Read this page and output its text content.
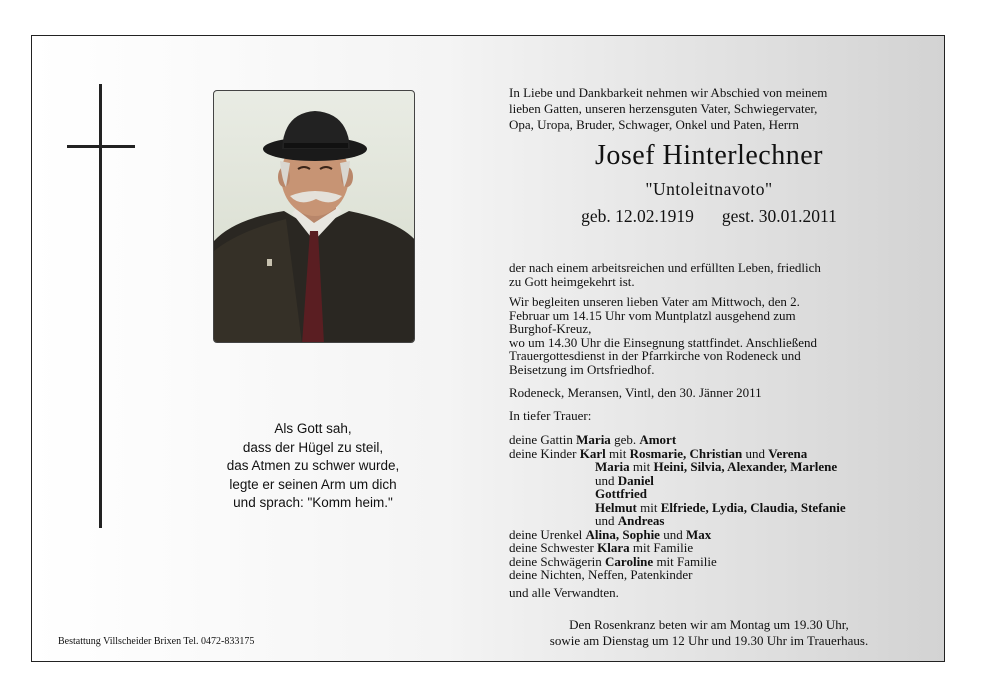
Als Gott sah,
dass der Hügel zu steil,
das Atmen zu schwer wurde,
legte er seinen Arm um dich
und sprach: "Komm heim."
Bestattung Villscheider Brixen Tel. 0472-833175
In Liebe und Dankbarkeit nehmen wir Abschied von meinem
lieben Gatten, unseren herzensguten Vater, Schwiegervater,
Opa, Uropa, Bruder, Schwager, Onkel und Paten, Herrn
Josef Hinterlechner
"Untoleitnavoto"
geb. 12.02.1919 gest. 30.01.2011
der nach einem arbeitsreichen und erfüllten Leben, friedlich
zu Gott heimgekehrt ist.
Wir begleiten unseren lieben Vater am Mittwoch, den 2.
Februar um 14.15 Uhr vom Muntplatzl ausgehend zum
Burghof-Kreuz,
wo um 14.30 Uhr die Einsegnung stattfindet. Anschließend
Trauergottesdienst in der Pfarrkirche von Rodeneck und
Beisetzung im Ortsfriedhof.
Rodeneck, Meransen, Vintl, den 30. Jänner 2011
In tiefer Trauer:
deine Gattin Maria geb. Amort
deine Kinder Karl mit Rosmarie, Christian und Verena
Maria mit Heini, Silvia, Alexander, Marlene
und Daniel
Gottfried
Helmut mit Elfriede, Lydia, Claudia, Stefanie
und Andreas
deine Urenkel Alina, Sophie und Max
deine Schwester Klara mit Familie
deine Schwägerin Caroline mit Familie
deine Nichten, Neffen, Patenkinder
und alle Verwandten.
Den Rosenkranz beten wir am Montag um 19.30 Uhr,
sowie am Dienstag um 12 Uhr und 19.30 Uhr im Trauerhaus.
